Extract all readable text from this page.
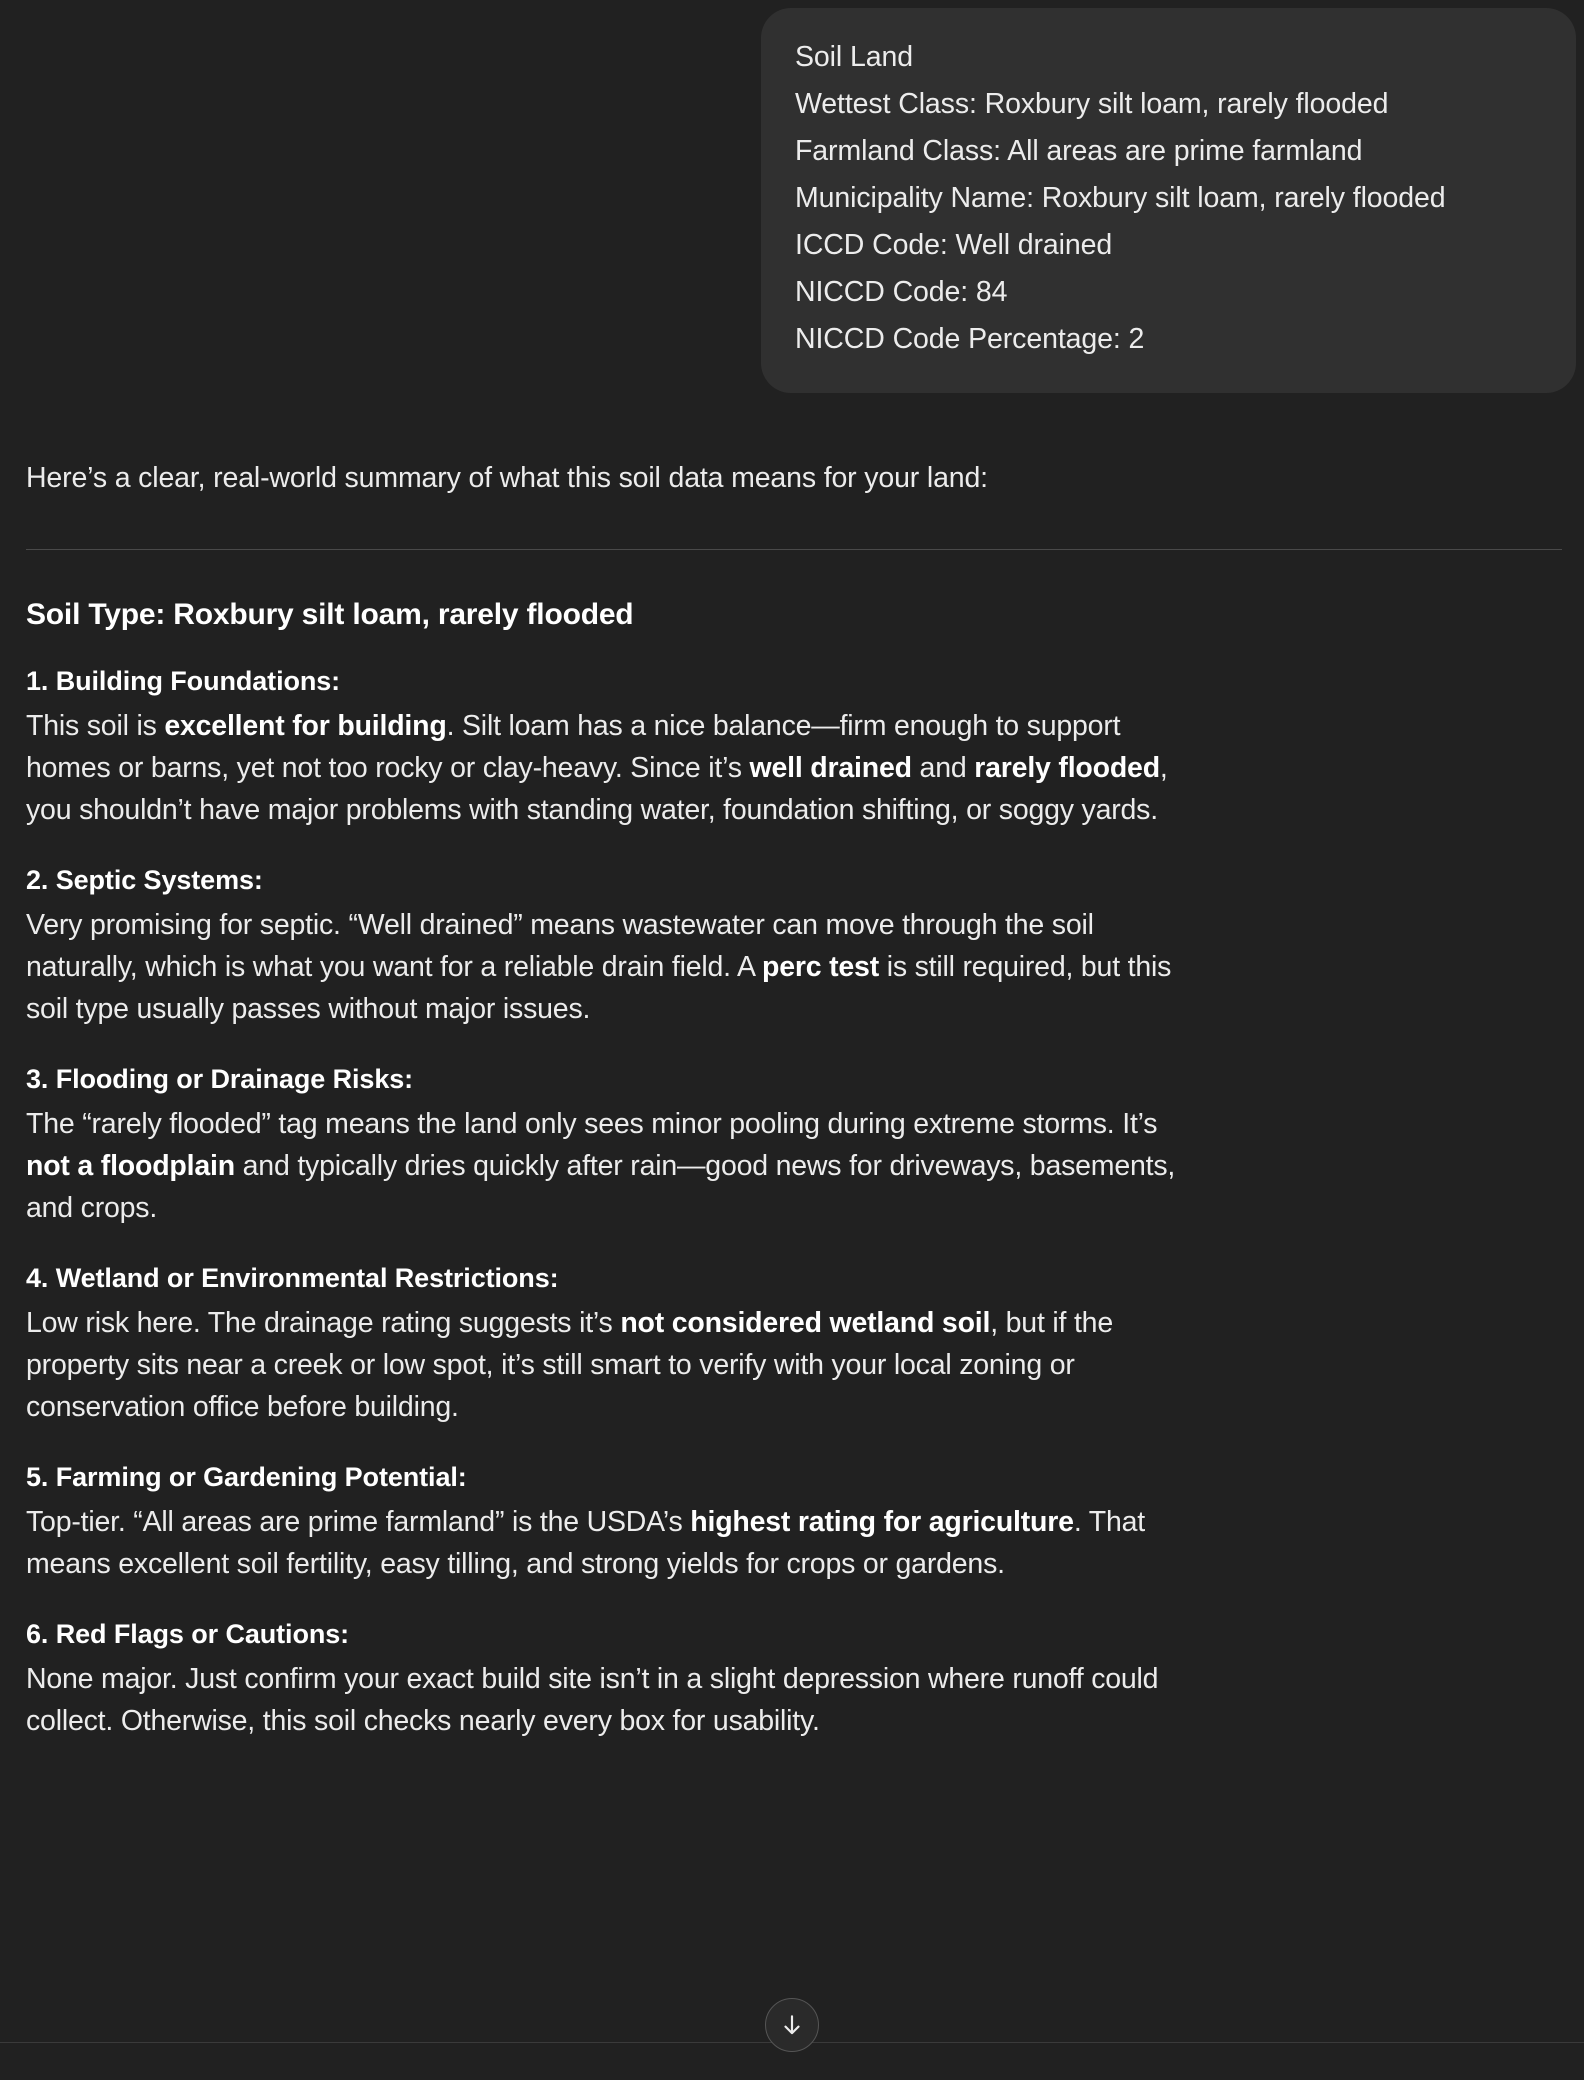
Soil Land
Wettest Class: Roxbury silt loam, rarely flooded
Farmland Class: All areas are prime farmland
Municipality Name: Roxbury silt loam, rarely flooded
ICCD Code: Well drained
NICCD Code: 84
NICCD Code Percentage: 2
Here’s a clear, real-world summary of what this soil data means for your land:
Soil Type: Roxbury silt loam, rarely flooded
1. Building Foundations:
This soil is excellent for building. Silt loam has a nice balance—firm enough to support homes or barns, yet not too rocky or clay-heavy. Since it’s well drained and rarely flooded, you shouldn’t have major problems with standing water, foundation shifting, or soggy yards.
2. Septic Systems:
Very promising for septic. “Well drained” means wastewater can move through the soil naturally, which is what you want for a reliable drain field. A perc test is still required, but this soil type usually passes without major issues.
3. Flooding or Drainage Risks:
The “rarely flooded” tag means the land only sees minor pooling during extreme storms. It’s not a floodplain and typically dries quickly after rain—good news for driveways, basements, and crops.
4. Wetland or Environmental Restrictions:
Low risk here. The drainage rating suggests it’s not considered wetland soil, but if the property sits near a creek or low spot, it’s still smart to verify with your local zoning or conservation office before building.
5. Farming or Gardening Potential:
Top-tier. “All areas are prime farmland” is the USDA’s highest rating for agriculture. That means excellent soil fertility, easy tilling, and strong yields for crops or gardens.
6. Red Flags or Cautions:
None major. Just confirm your exact build site isn’t in a slight depression where runoff could collect. Otherwise, this soil checks nearly every box for usability.
